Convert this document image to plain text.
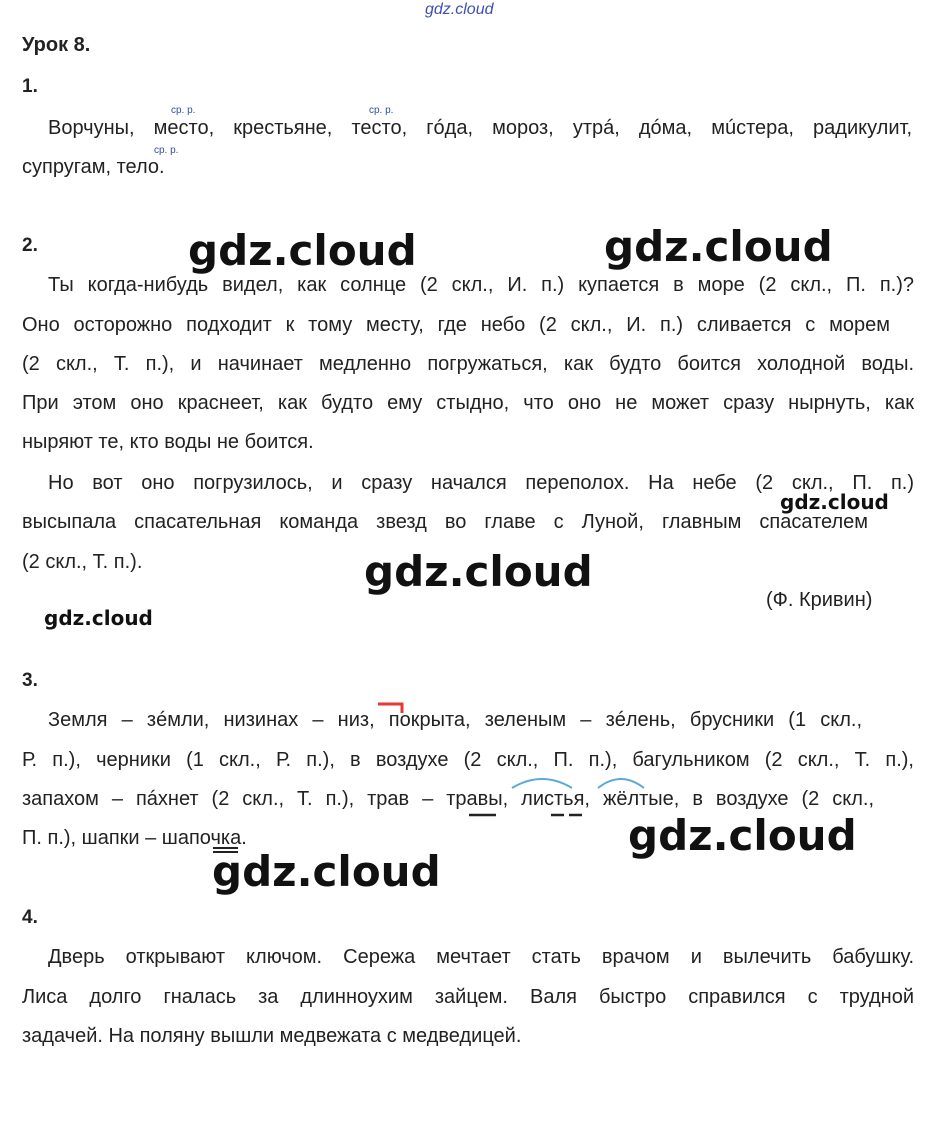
gdz.cloud
Урок 8.
1.
ср. р.	ср. р.
ср. р.
Ворчуны, место, крестьяне, тесто, гóда, мороз, утрá, дóма, мúстера, радикулит,
супругам, тело.
2.
Ты когда-нибудь видел, как солнце (2 скл., И. п.) купается в море (2 скл., П. п.)?
Оно осторожно подходит к тому месту, где небо (2 скл., И. п.) сливается с морем
(2 скл., Т. п.), и начинает медленно погружаться, как будто боится холодной воды.
При этом оно краснеет, как будто ему стыдно, что оно не может сразу нырнуть, как
ныряют те, кто воды не боится.
Но вот оно погрузилось, и сразу начался переполох. На небе (2 скл., П. п.)
высыпала спасательная команда звезд во главе с Луной, главным спасателем
(2 скл., Т. п.).
(Ф. Кривин)
3.
Земля – зéмли, низинах – низ, покрыта, зеленым – зéлень, брусники (1 скл.,
Р. п.), черники (1 скл., Р. п.), в воздухе (2 скл., П. п.), багульником (2 скл., Т. п.),
запахом – пáхнет (2 скл., Т. п.), трав – травы, листья, жёлтые, в воздухе (2 скл.,
П. п.), шапки – шапочка.
4.
Дверь открывают ключом. Сережа мечтает стать врачом и вылечить бабушку.
Лиса долго гналась за длинноухим зайцем. Валя быстро справился с трудной
задачей. На поляну вышли медвежата с медведицей.
gdz.cloud	gdz.cloud
gdz.cloud
gdz.cloud
gdz.cloud
gdz.cloud
gdz.cloud
